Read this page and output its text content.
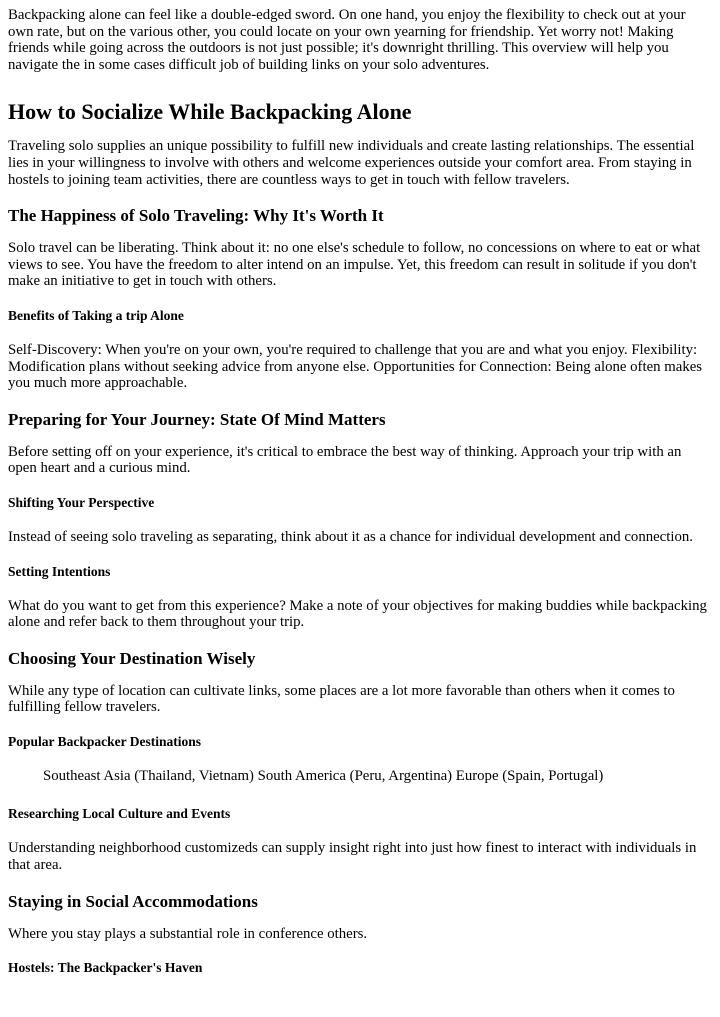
Backpacking alone can feel like a double-edged sword. On one hand, you enjoy the flexibility to check out at your own rate, but on the various other, you could locate on your own yearning for friendship. Yet worry not! Making friends while going across the outdoors is not just possible; it's downright thrilling. This overview will help you navigate the in some cases difficult job of building links on your solo adventures.

How to Socialize While Backpacking Alone

Traveling solo supplies an unique possibility to fulfill new individuals and create lasting relationships. The essential lies in your willingness to involve with others and welcome experiences outside your comfort area. From staying in hostels to joining team activities, there are countless ways to get in touch with fellow travelers.

The Happiness of Solo Traveling: Why It's Worth It

Solo travel can be liberating. Think about it: no one else's schedule to follow, no concessions on where to eat or what views to see. You have the freedom to alter intend on an impulse. Yet, this freedom can result in solitude if you don't make an initiative to get in touch with others.

Benefits of Taking a trip Alone

Self-Discovery: When you're on your own, you're required to challenge that you are and what you enjoy. Flexibility: Modification plans without seeking advice from anyone else. Opportunities for Connection: Being alone often makes you much more approachable.

Preparing for Your Journey: State Of Mind Matters

Before setting off on your experience, it's critical to embrace the best way of thinking. Approach your trip with an open heart and a curious mind.

Shifting Your Perspective

Instead of seeing solo traveling as separating, think about it as a chance for individual development and connection.

Setting Intentions

What do you want to get from this experience? Make a note of your objectives for making buddies while backpacking alone and refer back to them throughout your trip.

Choosing Your Destination Wisely

While any type of location can cultivate links, some places are a lot more favorable than others when it comes to fulfilling fellow travelers.

Popular Backpacker Destinations

Southeast Asia (Thailand, Vietnam) South America (Peru, Argentina) Europe (Spain, Portugal)

Researching Local Culture and Events

Understanding neighborhood customizeds can supply insight right into just how finest to interact with individuals in that area.

Staying in Social Accommodations

Where you stay plays a substantial role in conference others.

Hostels: The Backpacker's Haven
